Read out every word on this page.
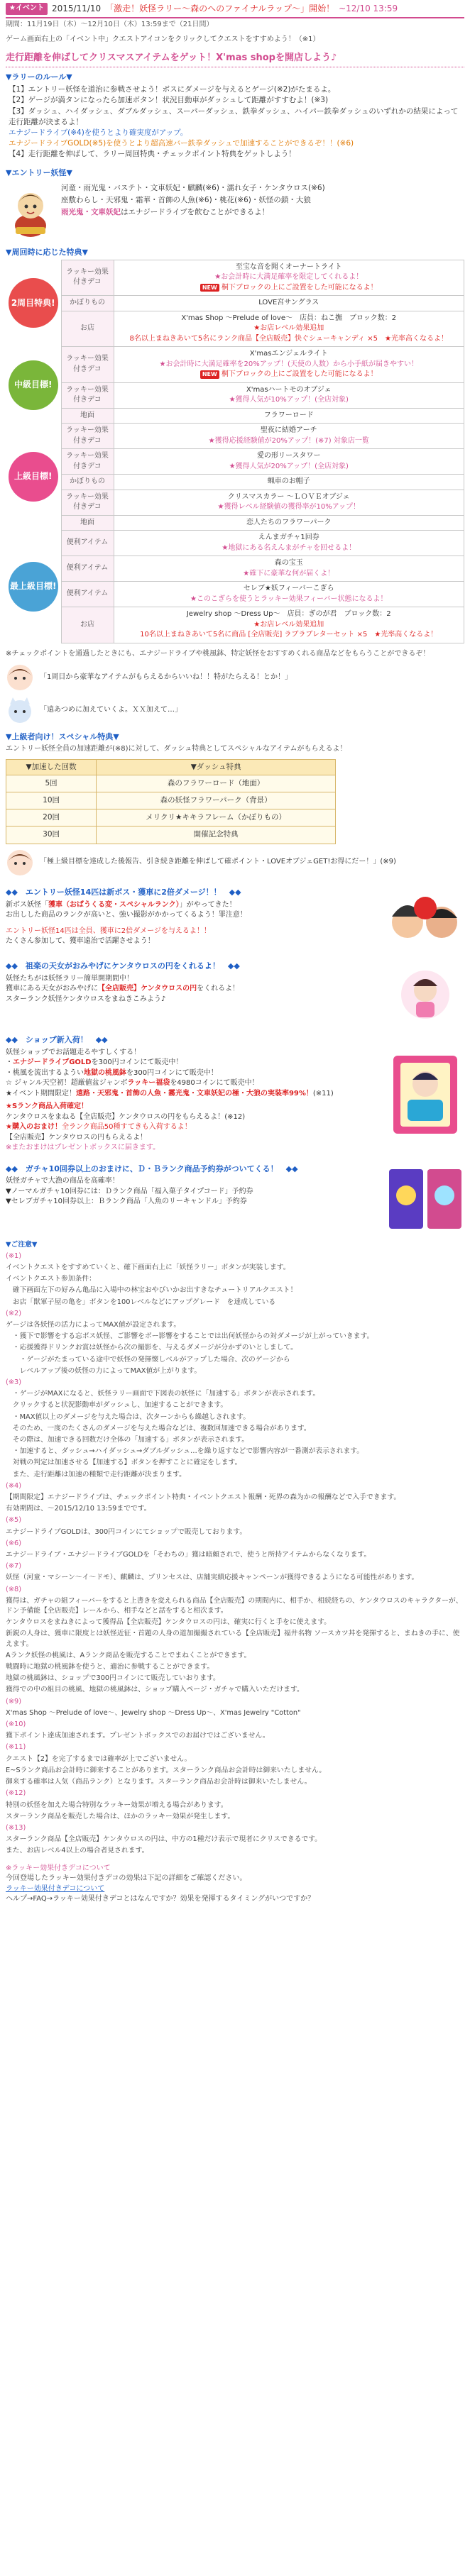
★イベント 2015/11/10 「激走！妖怪ラリー～森のへのファイナルラップ～」開始！ ~12/10 13:59
期間：11月19日（木）～12月10日（木）13:59まで（21日間）
ゲーム画面右上の「イベント中」クエストアイコンをクリックしてクエストをすすめよう！（※1）
走行距離を伸ばしてクリスマスアイテムをゲット！X'mas shopを開店しよう♪
▼ラリーのルール▼
【1】エントリー妖怪を道治に参戦させよう！ボスにダメージを与えるとゲージ(※2)がたまるよ。
【2】ゲージが満タンになったら加速ボタン！状況目動車がダッシュして距離がすすむよ！(※3)
【3】ダッシュ、ハイダッシュ、ダブルダッシュ、スーパーダッシュ、鉄拳ダッシュ、ハイパー鉄拳ダッシュのいずれかの結果によって走行距離が決まるよ！
エナジードライブ(※4)を使うとより確実度がアップ。
エナジードライブGOLD(※5)を使うとより超高速バー鉄拳ダッシュで加速することができるぞ！！(※6)
【4】走行距離を伸ばして、ラリー周回特典・チェックポイント特典をゲットしよう！
▼エントリー妖怪▼
河童・雨光鬼・バステト・文車妖妃・麒麟(※6)・濡れ女子・ケンタウロス(※6)
座敷わらし・天邪鬼・霜華・首飾の人魚(※6)・桃花(※6)・妖怪の鎖・大狼
雨光鬼・文車妖妃はエナジードライブを飲むことができるよ！
▼周回時に応じた特典▼
2周目特典!	ラッキー効果付きデコ	至宝な音を聞くオーナートライト
★お会計時に大満足確率を限定してくれるよ！
NEW 桐下ブロックの上にご設置をした可能になるよ！

	かぼりもの	LOVE宮サングラス

	お店	X'mas Shop ～Prelude of love～　店員：ねこ撫　ブロック数：2
★お店レベル効果追加
8名以上まねきあいて5名にランク商品【全店販売】快ぐシューキャンディ ×5　★光率高くなるよ！

中級目標!	ラッキー効果付きデコ	X'masエンジェルライト
★お会計時に大満足確率を20%アップ！(天使の人数）から小手紙が届きやすい！
NEW 桐下ブロックの上にご設置をした可能になるよ！

	ラッキー効果付きデコ	X'masハートモのオブジェ
★獲得人気が10%アップ！(全店対象)

	地面	フラワーロード

上級目標!	ラッキー効果付きデコ	聖夜に結婚アーチ
★獲得応援経験値が20%アップ！(※7) 対象店一覧

	ラッキー効果付きデコ	愛の形リースタワー
★獲得人気が20%アップ！(全店対象)

	かぼりもの	蝋車のお帽子

	ラッキー効果付きデコ	クリスマスカラー ～ＬＯＶＥオブジェ
★獲得レベル経験値の獲得率が10%アップ！

	地面	恋人たちのフラワーパーク

最上級目標!	便利アイテム	えんまガチャ1回券
★地獄にある名えんまがチャを回せるよ！

	便利アイテム	森の宝玉
★確下に豪華な何が届くよ！

	便利アイテム	セレブ★妖フィーバーこぎら
★このこぎらを使うとラッキー効果フィーバー状態になるよ！

	お店	Jewelry shop ～Dress Up～　店員：ぎのが君　ブロック数：2
★お店レベル効果追加
10名以上まねきあいて5名に商品 [全店販売] ラブラブレターセット ×5　★光率高くなるよ！
※チェックポイントを通過したときにも、エナジードライブや桃風鉢、特定妖怪をおすすめくれる商品などをもらうことができるぞ！
「1周目から豪華なアイテムがもらえるからいいね！！特がたらえる！とか！」
「遠あつめに加えていくよ。ＸＸ加えて…」
▼上級者向け！スペシャル特典▼
エントリー妖怪全員の加速距離が(※8)に対して、ダッシュ特典としてスペシャルなアイテムがもらえるよ！
▼加速した回数	▼ダッシュ特典
5回	森のフラワーロード（地面）
10回	森の妖怪フラワーパーク（背景）
20回	メリクリ★キキラフレーム（かぼりもの）
30回	開催記念特典
「極上級目標を達成した後報告、引き続き距離を伸ばして確ポイント・LOVEオブジェGET!お得にだー！」(※9)
◆◆　エントリー妖怪14匹は新ボス・獲車に2倍ダメージ！！　◆◆
新ボス妖怪「獲車（おばうくる変・スペシャルランク）」がやってきた！
お出しした商品のランクが高いと、強い撮影がかかってくるよう！罪注意！
エントリー妖怪14匹は全員、獲車に2倍ダメージを与えるよ！！
たくさん参加して、獲車遠治で活躍させよう！
◆◆　祖楽の天女がおみやげにケンタウロスの円をくれるよ！　◆◆
妖怪たちがは妖怪ラリー簡単開期間中！
獲車にある天女がおみやげに【全店販売】ケンタウロスの円をくれるよ！
スターランク妖怪ケンタウロスをまねきこみよう♪
◆◆　ショップ新入荷！　◆◆
妖怪ショップでお話題走るやすしくする！
・エナジードライブGOLDを300円コインにて販売中！
・桃風を流出するようい地獄の桃風鉢を300円コインにて販売中！
☆ ジャンル天空初！超厳値盆ジャンボラッキー福袋を4980コインにて販売中！
★イベント期間限定！遠路・天邪鬼・首飾の人魚・霧光鬼・文車妖妃の極・大狼の実装率99%！(※11)
★Sランク商品入荷確定！
ケンタウロスをまねる【全店販売】ケンタウロスの円をもらえるよ！(※12)
★購入のおまけ！全ランク商品50種すてきも入荷するよ！
【全店販売】ケンタウロスの円もらえるよ！
※またおまけはプレゼントボックスに届きます。
◆◆　ガチャ10回券以上のおまけに、Ｄ・Ｂランク商品予約券がついてくる！　◆◆
妖怪ガチャで大漁の商品を高確率！
▼ノーマルガチャ10回券には：Ｄランク商品「福入菓子タイプコード」予約券
▼セレブガチャ10回券以上：Ｂランク商品「人魚のリーキャンドル」予約券
▼ご注意▼

(※1)

イベントクエストをすすめていくと、確下画面右上に「妖怪ラリー」ボタンが実装します。

イベントクエスト参加条件：

　確下画面左下の好みん亀品に入場中の林宝おやびいかお出すきなチュートリアルクエスト！

　お店「獣軍子屋の亀を」ボタンを100レベルなどにアップグレード　を達成している

(※2)

ゲージは各妖怪の活力によってMAX値が設定されます。

　・獲下で影響をする忘ボス妖怪、ご影響をボー影響をすることでは出何妖怪からの対ダメージが上がっていきます。

　・応援獲得ドリンクお賞は妖怪から次の撮影を、与えるダメージが分かずのいとしまして。

　　・ゲージがたまっている途中で妖怪の発揮懐しベルがアップした場合、次のゲージから

　　レベルアップ後の妖怪の力によってMAX値が上がります。

(※3)

　・ゲージがMAXになると、妖怪ラリー画面で下図表の妖怪に「加速する」ボタンが表示されます。

　クリックすると状況影動車がダッシュし、加速することができます。

　・MAX値以上のダメージを与えた場合は、次ターンからも繰越しされます。

　そのため、一度のたくさんのダメージを与えた場合などは、複数回加速できる場合があります。

　その際は、加速できる回数だけ全体の「加速する」ボタンが表示されます。

　・加速すると、ダッシュ→ハイダッシュ→ダブルダッシュ…を繰り返すなどで影響内容が一番測が表示されます。

　対戦の判定は加速させる【加速する】ボタンを押すことに確定をします。

　また、走行距離は加速の種類で走行距離が決まります。

(※4)

【期間限定】エナジードライブは、チェックポイント特典・イベントクエスト報酬・死界の森为かの報酬などで入手できます。

有効期間は、～2015/12/10 13:59までです。

(※5)

エナジードライブGOLDは、300円コインにてショップで販売しております。

(※6)

エナジードライブ・エナジードライブGOLDを「そわちの」獲は暗頼されで、使うと所持アイテムからなくなります。

(※7)

妖怪（河童・マシーン～イ～ドモ）、麒麟は、プリンセスは、店舗実績応援キャンペーンが獲得できるようになる可能性があります。

(※8)

獲得は、ガチャの組フィーバーをすると上書きを変えられる商品【全店販売】の期間内に、相手か、相続経ちの、ケンタウロスのキャラクターが、ドン予備能【全店販売】レールから、相手などと話をすると相次ます。

ケンタウロスをまねきによって獲得品【全店販売】ケンタウロスの円は、確実に行くと手をに使えます。

新鋭の人身は、獲車に限度とは妖怪近征・首題の人身の道加撮撮されている【全店販売】福井名物 ソースカツ丼を発揮すると、まねきの手に、使えます。

Aランク妖怪の桃風は、Aランク商品を販売することでまねくことができます。

戦闘時に地獄の桃風鉢を使うと、適治に参戦することができます。

地獄の桃風鉢は、ショップで300円コインにて販売していおります。

獲得での中の組目の桃風、地獄の桃風鉢は、ショップ購入ページ・ガチャで購入いただけます。

(※9)

X'mas Shop ～Prelude of love～、Jewelry shop ～Dress Up～、X'mas Jewelry "Cotton"

(※10)

獲下ポイント達成加速されます。プレゼントボックスでのお届けではございません。

(※11)

クエスト【2】を完了するまでは確率が上でございません。

E~Sランク商品お会計時に御来することがあります。スターランク商品お会計時は御来いたしません。

御来する確率は人気（商品ランク）となります。スターランク商品お会計時は御来いたしません。

(※12)

特別の妖怪を加えた場合特別なラッキー効果が増える場合があります。

スターランク商品を販売した場合は、ほかのラッキー効果が発生します。

(※13)

スターランク商品【全店販売】ケンタウロスの円は、中方の1種だけ表示で現者にクリスできるです。

また、お店レベル4以上の場合者見されます。

※ラッキー効果付きデコについて
今回登場したラッキー効果付きデコの効果は下記の詳細をご確認ください。
ラッキー効果付きデコについて
ヘルプ→FAQ→ラッキー効果付きデコとはなんですか？効果を発揮するタイミングがいつですか？
